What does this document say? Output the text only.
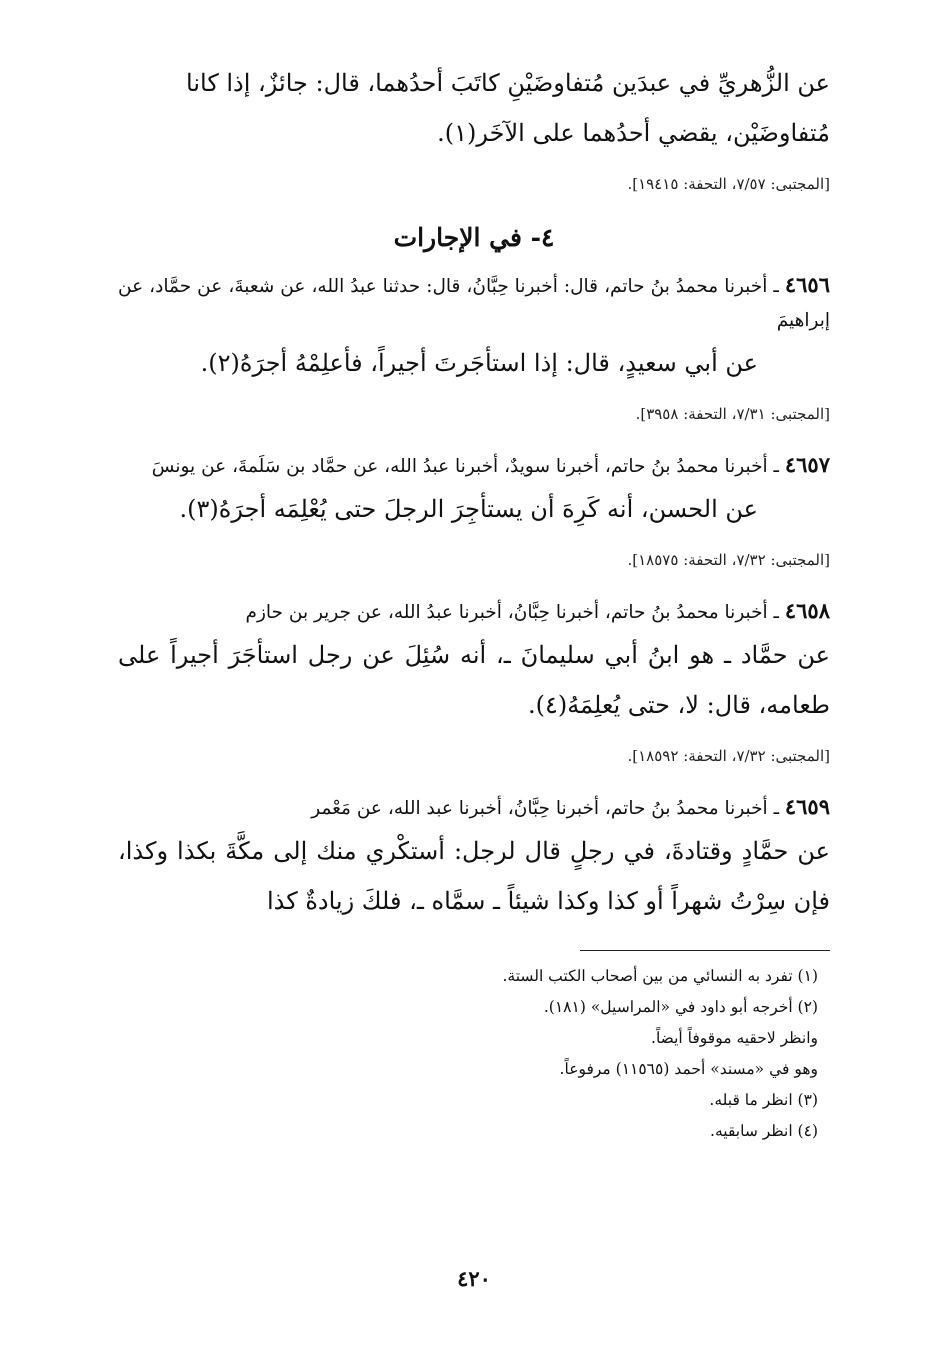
عن الزُّهريِّ في عبدَين مُتفاوضَيْنِ كاتَبَ أحدُهما، قال: جائزٌ، إذا كانا

مُتفاوضَيْن، يقضي أحدُهما على الآخَر(١).

[المجتبى: ٧/٥٧، التحفة: ١٩٤١٥].

٤- في الإجارات

٤٦٥٦ ـ أخبرنا محمدُ بنُ حاتم، قال: أخبرنا حِبَّانُ، قال: حدثنا عبدُ الله، عن شعبةَ، عن حمَّاد، عن إبراهيمَ

عن أبي سعيدٍ، قال: إذا استأجَرتَ أجيراً، فأعلِمْهُ أجرَهُ(٢).

[المجتبى: ٧/٣١، التحفة: ٣٩٥٨].

٤٦٥٧ ـ أخبرنا محمدُ بنُ حاتم، أخبرنا سويدٌ، أخبرنا عبدُ الله، عن حمَّاد بن سَلَمةَ، عن يونسَ

عن الحسن، أنه كَرِهَ أن يستأجِرَ الرجلَ حتى يُعْلِمَه أجرَهُ(٣).

[المجتبى: ٧/٣٢، التحفة: ١٨٥٧٥].

٤٦٥٨ ـ أخبرنا محمدُ بنُ حاتم، أخبرنا حِبَّانُ، أخبرنا عبدُ الله، عن جرير بن حازم

عن حمَّاد ـ هو ابنُ أبي سليمانَ ـ، أنه سُئِلَ عن رجل استأجَرَ أجيراً على طعامه، قال: لا، حتى يُعلِمَهُ(٤).

[المجتبى: ٧/٣٢، التحفة: ١٨٥٩٢].

٤٦٥٩ ـ أخبرنا محمدُ بنُ حاتم، أخبرنا حِبَّانُ، أخبرنا عبد الله، عن مَعْمر

عن حمَّادٍ وقتادةَ، في رجلٍ قال لرجل: أستكْري منك إلى مكَّةَ بكذا وكذا، فإن سِرْتُ شهراً أو كذا وكذا شيئاً ـ سمَّاه ـ، فلكَ زيادةٌ كذا

(١) تفرد به النسائي من بين أصحاب الكتب الستة.
(٢) أخرجه أبو داود في «المراسيل» (١٨١).
وانظر لاحقيه موقوفاً أيضاً.
وهو في «مسند» أحمد (١١٥٦٥) مرفوعاً.
(٣) انظر ما قبله.
(٤) انظر سابقيه.
٤٢٠
